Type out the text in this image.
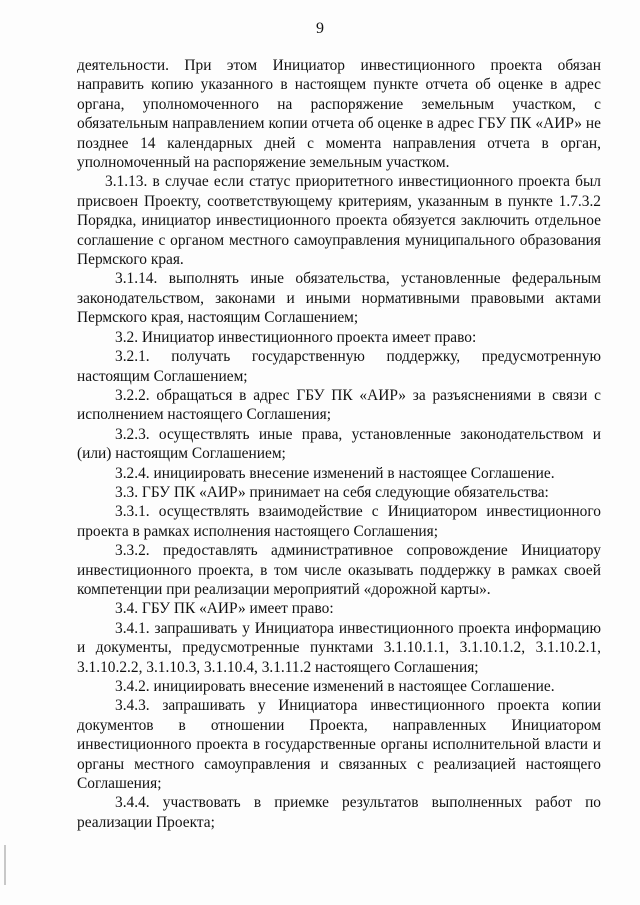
9

деятельности. При этом Инициатор инвестиционного проекта обязан направить копию указанного в настоящем пункте отчета об оценке в адрес органа, уполномоченного на распоряжение земельным участком, с обязательным направлением копии отчета об оценке в адрес ГБУ ПК «АИР» не позднее 14 календарных дней с момента направления отчета в орган, уполномоченный на распоряжение земельным участком.

3.1.13. в случае если статус приоритетного инвестиционного проекта был присвоен Проекту, соответствующему критериям, указанным в пункте 1.7.3.2 Порядка, инициатор инвестиционного проекта обязуется заключить отдельное соглашение с органом местного самоуправления муниципального образования Пермского края.

3.1.14. выполнять иные обязательства, установленные федеральным законодательством, законами и иными нормативными правовыми актами Пермского края, настоящим Соглашением;

3.2. Инициатор инвестиционного проекта имеет право:

3.2.1. получать государственную поддержку, предусмотренную настоящим Соглашением;

3.2.2. обращаться в адрес ГБУ ПК «АИР» за разъяснениями в связи с исполнением настоящего Соглашения;

3.2.3. осуществлять иные права, установленные законодательством и (или) настоящим Соглашением;

3.2.4. инициировать внесение изменений в настоящее Соглашение.

3.3. ГБУ ПК «АИР» принимает на себя следующие обязательства:

3.3.1. осуществлять взаимодействие с Инициатором инвестиционного проекта в рамках исполнения настоящего Соглашения;

3.3.2. предоставлять административное сопровождение Инициатору инвестиционного проекта, в том числе оказывать поддержку в рамках своей компетенции при реализации мероприятий «дорожной карты».

3.4. ГБУ ПК «АИР» имеет право:

3.4.1. запрашивать у Инициатора инвестиционного проекта информацию и документы, предусмотренные пунктами 3.1.10.1.1, 3.1.10.1.2, 3.1.10.2.1, 3.1.10.2.2, 3.1.10.3, 3.1.10.4, 3.1.11.2 настоящего Соглашения;

3.4.2. инициировать внесение изменений в настоящее Соглашение.

3.4.3. запрашивать у Инициатора инвестиционного проекта копии документов в отношении Проекта, направленных Инициатором инвестиционного проекта в государственные органы исполнительной власти и органы местного самоуправления и связанных с реализацией настоящего Соглашения;

3.4.4. участвовать в приемке результатов выполненных работ по реализации Проекта;
